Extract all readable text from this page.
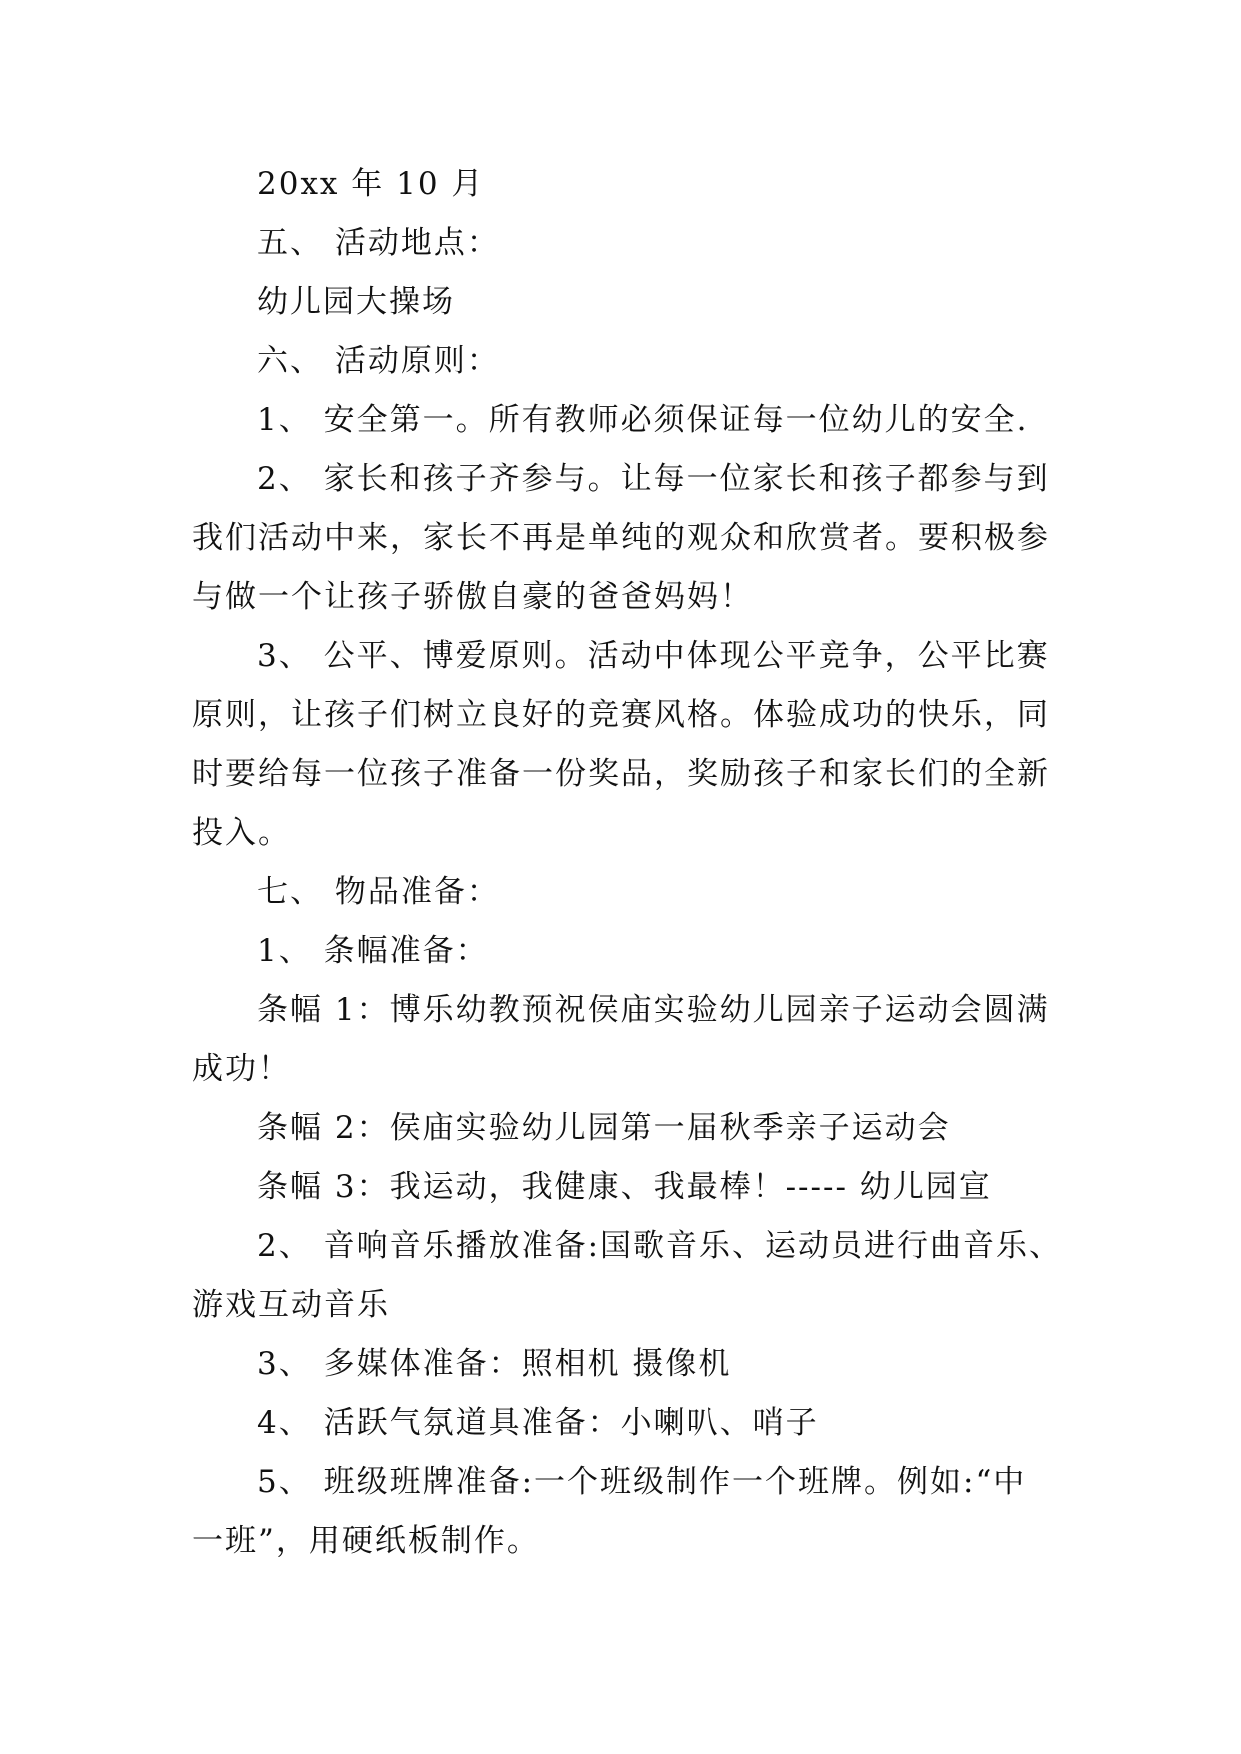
20xx 年 10 月
五、 活动地点：
幼儿园大操场
六、 活动原则：
1、 安全第一。所有教师必须保证每一位幼儿的安全.
2、 家长和孩子齐参与。让每一位家长和孩子都参与到
我们活动中来，家长不再是单纯的观众和欣赏者。要积极参
与做一个让孩子骄傲自豪的爸爸妈妈！
3、 公平、博爱原则。活动中体现公平竞争，公平比赛
原则，让孩子们树立良好的竞赛风格。体验成功的快乐，同
时要给每一位孩子准备一份奖品，奖励孩子和家长们的全新
投入。
七、 物品准备：
1、 条幅准备：
条幅 1：博乐幼教预祝侯庙实验幼儿园亲子运动会圆满
成功！
条幅 2：侯庙实验幼儿园第一届秋季亲子运动会
条幅 3：我运动，我健康、我最棒！----- 幼儿园宣
2、 音响音乐播放准备:国歌音乐、运动员进行曲音乐、
游戏互动音乐
3、 多媒体准备：照相机 摄像机
4、 活跃气氛道具准备：小喇叭、哨子
5、 班级班牌准备:一个班级制作一个班牌。例如:“中
一班”，用硬纸板制作。
